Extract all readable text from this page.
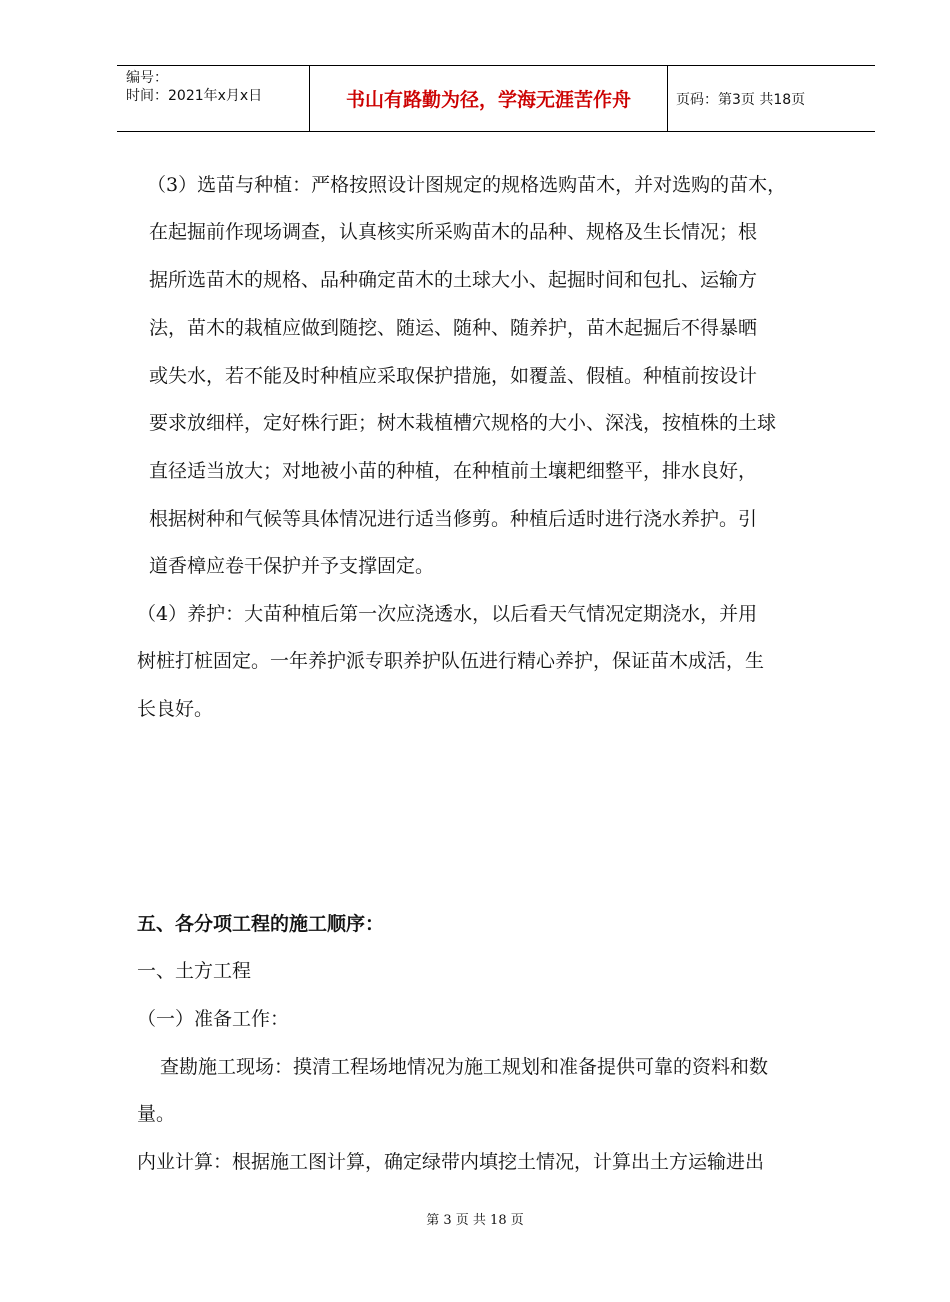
编号：
时间：2021年x月x日	书山有路勤为径，学海无涯苦作舟	页码：第3页 共18页
（3）选苗与种植：严格按照设计图规定的规格选购苗木，并对选购的苗木，
在起掘前作现场调查，认真核实所采购苗木的品种、规格及生长情况；根
据所选苗木的规格、品种确定苗木的土球大小、起掘时间和包扎、运输方
法，苗木的栽植应做到随挖、随运、随种、随养护，苗木起掘后不得暴晒
或失水，若不能及时种植应采取保护措施，如覆盖、假植。种植前按设计
要求放细样，定好株行距；树木栽植槽穴规格的大小、深浅，按植株的土球
直径适当放大；对地被小苗的种植，在种植前土壤耙细整平，排水良好，
根据树种和气候等具体情况进行适当修剪。种植后适时进行浇水养护。引
道香樟应卷干保护并予支撑固定。
（4）养护：大苗种植后第一次应浇透水，以后看天气情况定期浇水，并用
树桩打桩固定。一年养护派专职养护队伍进行精心养护，保证苗木成活，生
长良好。
五、各分项工程的施工顺序：
一、土方工程
（一）准备工作：
查勘施工现场：摸清工程场地情况为施工规划和准备提供可靠的资料和数
量。
内业计算：根据施工图计算，确定绿带内填挖土情况，计算出土方运输进出
第 3 页 共 18 页
